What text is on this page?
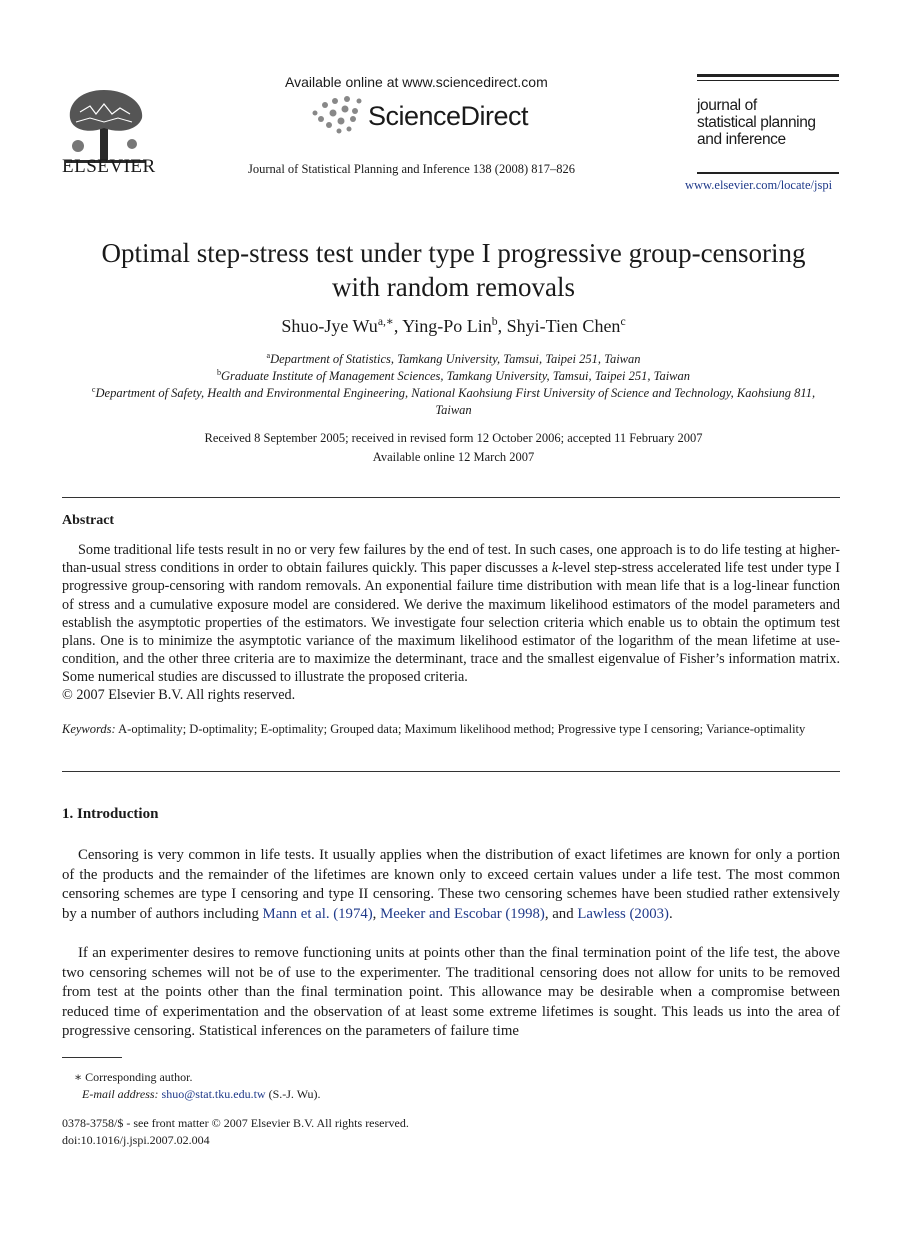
ELSEVIER
Available online at www.sciencedirect.com
ScienceDirect
Journal of Statistical Planning and Inference 138 (2008) 817–826
journal of
statistical planning
and inference
www.elsevier.com/locate/jspi
Optimal step-stress test under type I progressive group-censoring
with random removals
Shuo-Jye $Wu^{a,∗}$, Ying-Po Lin$^b$, Shyi-Tien Chen$^c$
$^a$Department of Statistics, Tamkang University, Tamsui, Taipei 251, Taiwan
$^b$Graduate Institute of Management Sciences, Tamkang University, Tamsui, Taipei 251, Taiwan
$^c$Department of Safety, Health and Environmental Engineering, National Kaohsiung First University of Science and Technology, Kaohsiung 811,
Taiwan
Received 8 September 2005; received in revised form 12 October 2006; accepted 11 February 2007
Available online 12 March 2007
Abstract
Some traditional life tests result in no or very few failures by the end of test. In such cases, one approach is to do life testing at higher-than-usual stress conditions in order to obtain failures quickly. This paper discusses a k-level step-stress accelerated life test under type I progressive group-censoring with random removals. An exponential failure time distribution with mean life that is a log-linear function of stress and a cumulative exposure model are considered. We derive the maximum likelihood estimators of the model parameters and establish the asymptotic properties of the estimators. We investigate four selection criteria which enable us to obtain the optimum test plans. One is to minimize the asymptotic variance of the maximum likelihood estimator of the logarithm of the mean lifetime at use-condition, and the other three criteria are to maximize the determinant, trace and the smallest eigenvalue of Fisher’s information matrix. Some numerical studies are discussed to illustrate the proposed criteria.
© 2007 Elsevier B.V. All rights reserved.
Keywords: A-optimality; D-optimality; E-optimality; Grouped data; Maximum likelihood method; Progressive type I censoring; Variance-optimality
1. Introduction
Censoring is very common in life tests. It usually applies when the distribution of exact lifetimes are known for only a portion of the products and the remainder of the lifetimes are known only to exceed certain values under a life test. The most common censoring schemes are type I censoring and type II censoring. These two censoring schemes have been studied rather extensively by a number of authors including Mann et al. (1974), Meeker and Escobar (1998), and Lawless (2003).
If an experimenter desires to remove functioning units at points other than the final termination point of the life test, the above two censoring schemes will not be of use to the experimenter. The traditional censoring does not allow for units to be removed from test at the points other than the final termination point. This allowance may be desirable when a compromise between reduced time of experimentation and the observation of at least some extreme lifetimes is sought. This leads us into the area of progressive censoring. Statistical inferences on the parameters of failure time
∗ Corresponding author.
E-mail address: shuo@stat.tku.edu.tw (S.-J. Wu).
0378-3758/$ - see front matter © 2007 Elsevier B.V. All rights reserved.
doi:10.1016/j.jspi.2007.02.004
